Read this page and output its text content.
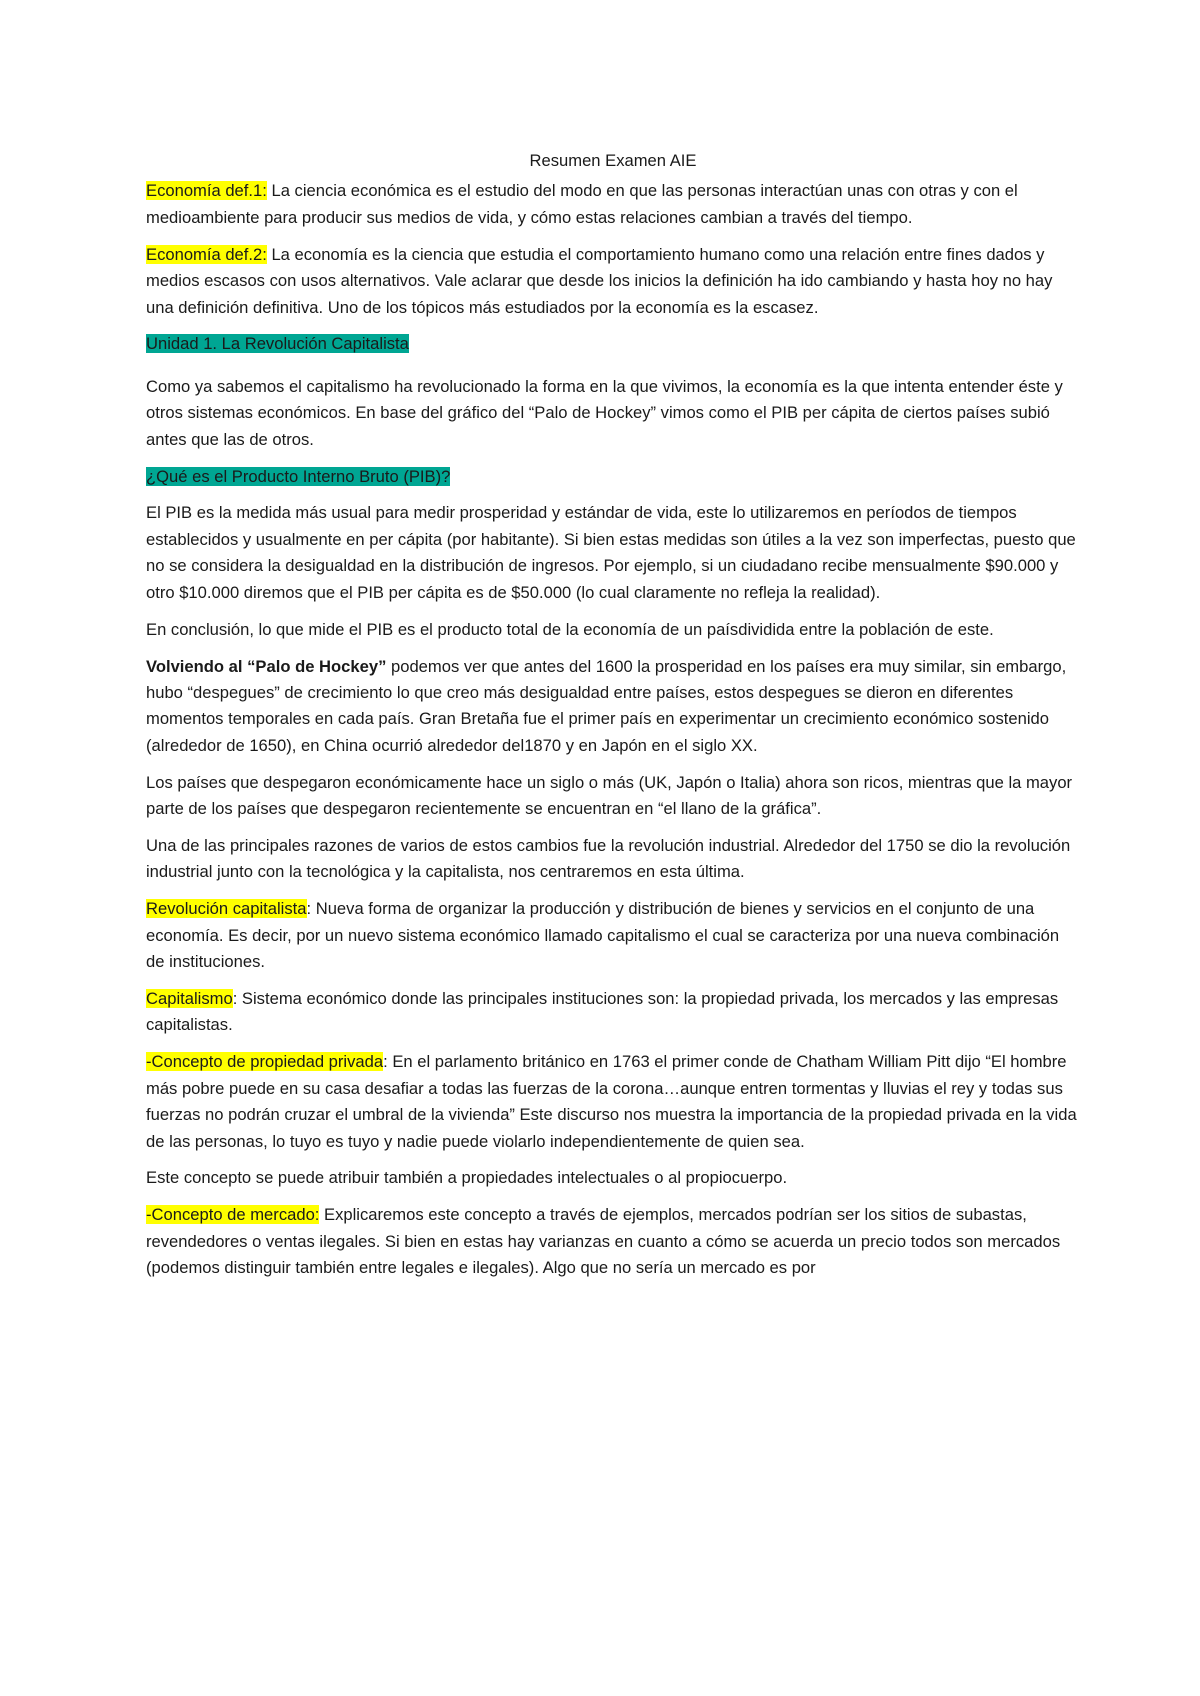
Resumen Examen AIE

Economía def.1: La ciencia económica es el estudio del modo en que las personas interactúan unas con otras y con el medioambiente para producir sus medios de vida, y cómo estas relaciones cambian a través del tiempo.

Economía def.2: La economía es la ciencia que estudia el comportamiento humano como una relación entre fines dados y medios escasos con usos alternativos. Vale aclarar que desde los inicios la definición ha ido cambiando y hasta hoy no hay una definición definitiva. Uno de los tópicos más estudiados por la economía es la escasez.

Unidad 1. La Revolución Capitalista

Como ya sabemos el capitalismo ha revolucionado la forma en la que vivimos, la economía es la que intenta entender éste y otros sistemas económicos. En base del gráfico del “Palo de Hockey” vimos como el PIB per cápita de ciertos países subió antes que las de otros.

¿Qué es el Producto Interno Bruto (PIB)?

El PIB es la medida más usual para medir prosperidad y estándar de vida, este lo utilizaremos en períodos de tiempos establecidos y usualmente en per cápita (por habitante). Si bien estas medidas son útiles a la vez son imperfectas, puesto que no se considera la desigualdad en la distribución de ingresos. Por ejemplo, si un ciudadano recibe mensualmente $90.000 y otro $10.000 diremos que el PIB per cápita es de $50.000 (lo cual claramente no refleja la realidad).

En conclusión, lo que mide el PIB es el producto total de la economía de un paísdividida entre la población de este.

Volviendo al “Palo de Hockey” podemos ver que antes del 1600 la prosperidad en los países era muy similar, sin embargo, hubo “despegues” de crecimiento lo que creo más desigualdad entre países, estos despegues se dieron en diferentes momentos temporales en cada país. Gran Bretaña fue el primer país en experimentar un crecimiento económico sostenido (alrededor de 1650), en China ocurrió alrededor del1870 y en Japón en el siglo XX.

Los países que despegaron económicamente hace un siglo o más (UK, Japón o Italia) ahora son ricos, mientras que la mayor parte de los países que despegaron recientemente se encuentran en “el llano de la gráfica”.

Una de las principales razones de varios de estos cambios fue la revolución industrial. Alrededor del 1750 se dio la revolución industrial junto con la tecnológica y la capitalista, nos centraremos en esta última.

Revolución capitalista: Nueva forma de organizar la producción y distribución de bienes y servicios en el conjunto de una economía. Es decir, por un nuevo sistema económico llamado capitalismo el cual se caracteriza por una nueva combinación de instituciones.

Capitalismo: Sistema económico donde las principales instituciones son: la propiedad privada, los mercados y las empresas capitalistas.

-Concepto de propiedad privada: En el parlamento británico en 1763 el primer conde de Chatham William Pitt dijo “El hombre más pobre puede en su casa desafiar a todas las fuerzas de la corona…aunque entren tormentas y lluvias el rey y todas sus fuerzas no podrán cruzar el umbral de la vivienda” Este discurso nos muestra la importancia de la propiedad privada en la vida de las personas, lo tuyo es tuyo y nadie puede violarlo independientemente de quien sea.

Este concepto se puede atribuir también a propiedades intelectuales o al propiocuerpo.

-Concepto de mercado: Explicaremos este concepto a través de ejemplos, mercados podrían ser los sitios de subastas, revendedores o ventas ilegales. Si bien en estas hay varianzas en cuanto a cómo se acuerda un precio todos son mercados (podemos distinguir también entre legales e ilegales). Algo que no sería un mercado es por
